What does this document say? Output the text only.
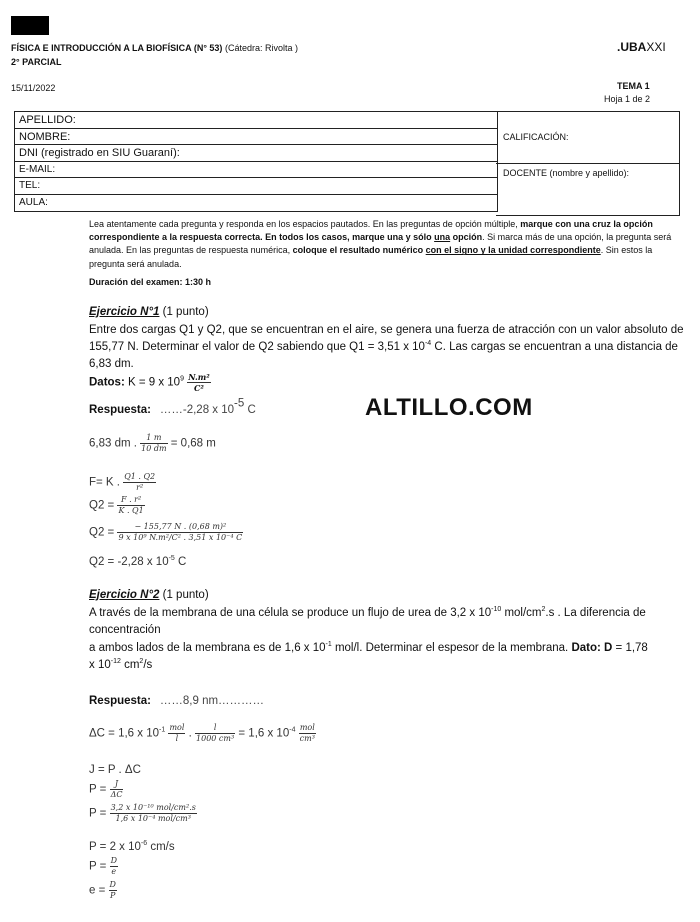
FÍSICA E INTRODUCCIÓN A LA BIOFÍSICA (N° 53) (Cátedra: Rivolta )
2° PARCIAL
.UBAXXI
15/11/2022	TEMA 1
Hoja 1 de 2
APELLIDO:
NOMBRE:
DNI (registrado en SIU Guaraní):
E-MAIL:
TEL:
AULA:
CALIFICACIÓN:
DOCENTE (nombre y apellido):
Lea atentamente cada pregunta y responda en los espacios pautados. En las preguntas de opción múltiple, marque con una cruz la opción correspondiente a la respuesta correcta. En todos los casos, marque una y sólo una opción. Si marca más de una opción, la pregunta será anulada. En las preguntas de respuesta numérica, coloque el resultado numérico con el signo y la unidad correspondiente. Sin estos la pregunta será anulada.
Duración del examen: 1:30 h
Ejercicio N°1 (1 punto)
Entre dos cargas Q1 y Q2, que se encuentran en el aire, se genera una fuerza de atracción con un valor absoluto de 155,77 N. Determinar el valor de Q2 sabiendo que Q1 = 3,51 x $10^{-4}$ C. Las cargas se encuentran a una distancia de 6,83 dm.
Datos: K = 9 x $10^9 \frac{\text{N.m²}}{\text{C²}}$
Respuesta: ……-2,28 x $10^{-5}$ C	ALTILLO.COM
6,83 dm . $\frac{1 m}{10 dm} = 0,68$ m
F= K . $\frac{Q1 . Q2}{\text{r²}}$
$Q2 = \frac{\text{F . r²}}{K . Q1}$
$Q2 = \frac{\text{− 155,77 N . (0,68 m)²}}{\text{9 x 10⁹ N.m²/C² . 3,51 x 10⁻⁴ C}}$
Q2 = -2,28 x $10^{-5}$ C
Ejercicio N°2 (1 punto)
A través de la membrana de una célula se produce un flujo de urea de 3,2 x $10^{-10}$ mol/$cm^2.s$ . La diferencia de concentración
a ambos lados de la membrana es de 1,6 x $10^{-1}$ mol/l. Determinar el espesor de la membrana. Dato: D = 1,78
x $10^{-12}$ $cm^2/s$
Respuesta: ……8,9 nm…………
ΔC = 1,6 x $10^{-1} \frac{\text{mol}}{l}$ . $\frac{l}{\text{1000 cm³}} = 1,6$ x $10^{-4} \frac{\text{mol}}{\text{cm³}}$
J = P . ΔC
$P = \frac{J}{\Delta C}$
$P = \frac{\text{3,2 x 10⁻¹⁰ mol/cm².s}}{\text{1,6 x 10⁻⁴ mol/cm³}}$
P = 2 x $10^{-6}$ cm/s
$P = \frac{D}{e}$
$e = \frac{D}{P}$
